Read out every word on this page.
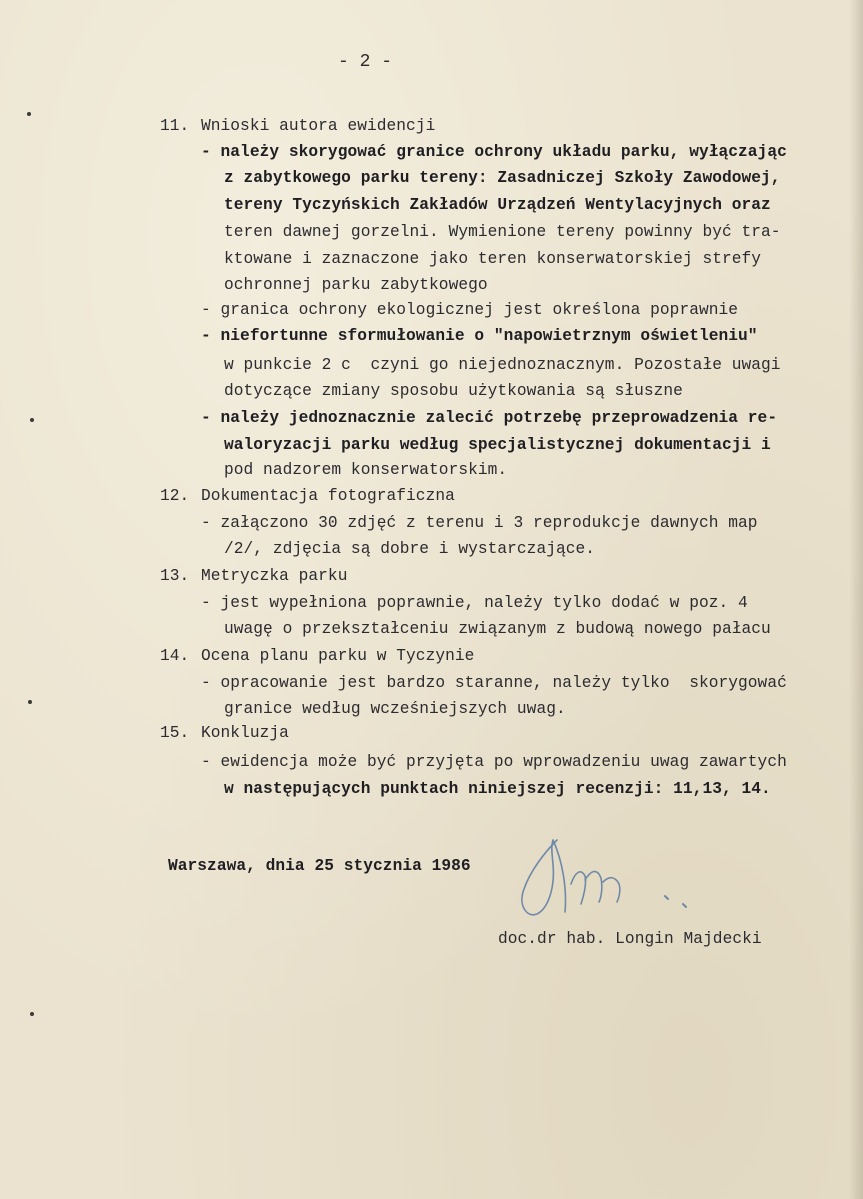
- 2 -
11. Wnioski autora ewidencji
- należy skorygować granice ochrony układu parku, wyłączając
z zabytkowego parku tereny: Zasadniczej Szkoły Zawodowej,
tereny Tyczyńskich Zakładów Urządzeń Wentylacyjnych oraz
teren dawnej gorzelni. Wymienione tereny powinny być tra-
ktowane i zaznaczone jako teren konserwatorskiej strefy
ochronnej parku zabytkowego
- granica ochrony ekologicznej jest określona poprawnie
- niefortunne sformułowanie o "napowietrznym oświetleniu"
w punkcie 2 c  czyni go niejednoznacznym. Pozostałe uwagi
dotyczące zmiany sposobu użytkowania są słuszne
- należy jednoznacznie zalecić potrzebę przeprowadzenia re-
waloryzacji parku według specjalistycznej dokumentacji i
pod nadzorem konserwatorskim.
12. Dokumentacja fotograficzna
- załączono 30 zdjęć z terenu i 3 reprodukcje dawnych map
/2/, zdjęcia są dobre i wystarczające.
13. Metryczka parku
- jest wypełniona poprawnie, należy tylko dodać w poz. 4
uwagę o przekształceniu związanym z budową nowego pałacu
14. Ocena planu parku w Tyczynie
- opracowanie jest bardzo staranne, należy tylko  skorygować
granice według wcześniejszych uwag.
15. Konkluzja
- ewidencja może być przyjęta po wprowadzeniu uwag zawartych
w następujących punktach niniejszej recenzji: 11,13, 14.
Warszawa, dnia 25 stycznia 1986
doc.dr hab. Longin Majdecki
